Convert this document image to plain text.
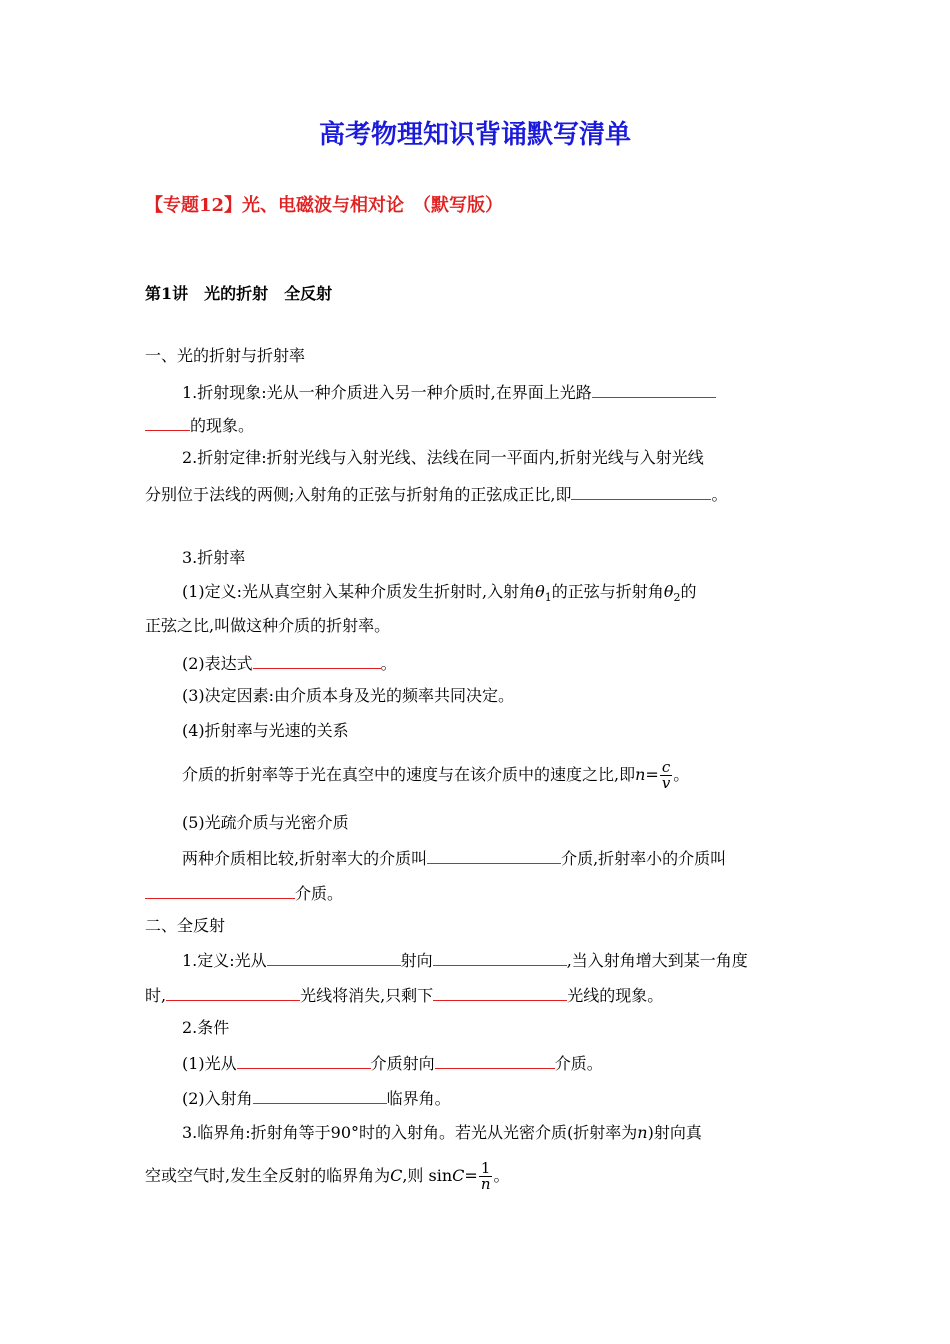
高考物理知识背诵默写清单
【专题12】光、电磁波与相对论　（默写版）
第1讲　光的折射　全反射
一、光的折射与折射率
1.折射现象:光从一种介质进入另一种介质时,在界面上光路
的现象。
2.折射定律:折射光线与入射光线、法线在同一平面内,折射光线与入射光线
分别位于法线的两侧;入射角的正弦与折射角的正弦成正比,即	。
3.折射率
(1)定义:光从真空射入某种介质发生折射时,入射角$\theta_1$的正弦与折射角$\theta_2$的
正弦之比,叫做这种介质的折射率。
(2)表达式	。
(3)决定因素:由介质本身及光的频率共同决定。
(4)折射率与光速的关系
介质的折射率等于光在真空中的速度与在该介质中的速度之比,即$n= \frac{c}{v}$ 。
(5)光疏介质与光密介质
两种介质相比较,折射率大的介质叫	介质,折射率小的介质叫
介质。
二、全反射
1.定义:光从	射向	,当入射角增大到某一角度
时,	光线将消失,只剩下	光线的现象。
2.条件
(1)光从	介质射向	介质。
(2)入射角	临界角。
3.临界角:折射角等于90°时的入射角。若光从光密介质(折射率为n)射向真
空或空气时,发生全反射的临界角为C,则 $\sin C= \frac{1}{n}$ 。
